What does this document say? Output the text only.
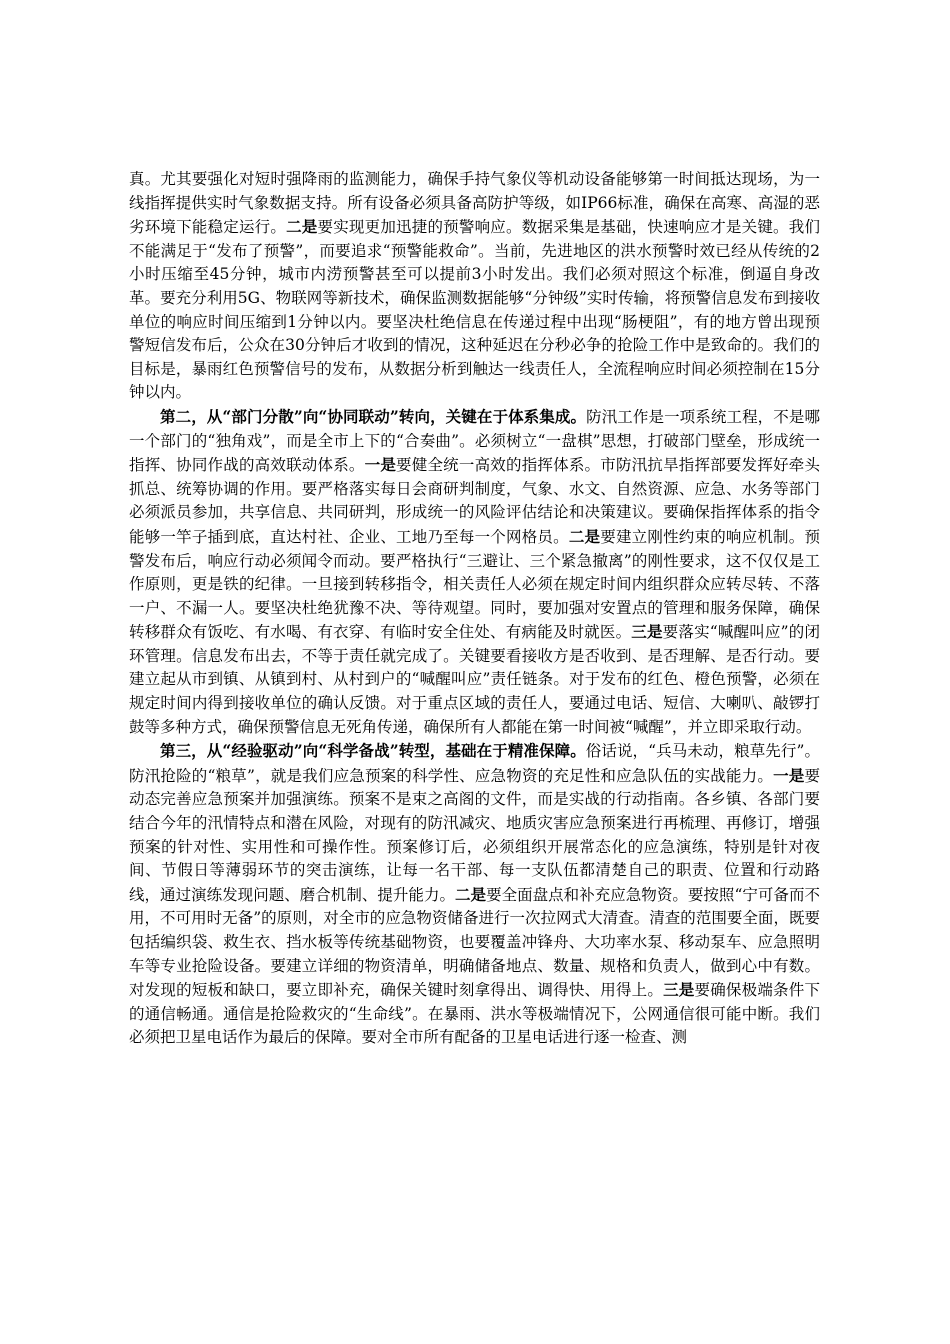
真。尤其要强化对短时强降雨的监测能力，确保手持气象仪等机动设备能够第一时间抵达现场，为一线指挥提供实时气象数据支持。所有设备必须具备高防护等级，如IP66标准，确保在高寒、高湿的恶劣环境下能稳定运行。二是要实现更加迅捷的预警响应。数据采集是基础，快速响应才是关键。我们不能满足于“发布了预警”，而要追求“预警能救命”。当前，先进地区的洪水预警时效已经从传统的2小时压缩至45分钟，城市内涝预警甚至可以提前3小时发出。我们必须对照这个标准，倒逼自身改革。要充分利用5G、物联网等新技术，确保监测数据能够“分钟级”实时传输，将预警信息发布到接收单位的响应时间压缩到1分钟以内。要坚决杜绝信息在传递过程中出现“肠梗阻”，有的地方曾出现预警短信发布后，公众在30分钟后才收到的情况，这种延迟在分秒必争的抢险工作中是致命的。我们的目标是，暴雨红色预警信号的发布，从数据分析到触达一线责任人，全流程响应时间必须控制在15分钟以内。

第二，从“部门分散”向“协同联动”转向，关键在于体系集成。防汛工作是一项系统工程，不是哪一个部门的“独角戏”，而是全市上下的“合奏曲”。必须树立“一盘棋”思想，打破部门壁垒，形成统一指挥、协同作战的高效联动体系。一是要健全统一高效的指挥体系。市防汛抗旱指挥部要发挥好牵头抓总、统筹协调的作用。要严格落实每日会商研判制度，气象、水文、自然资源、应急、水务等部门必须派员参加，共享信息、共同研判，形成统一的风险评估结论和决策建议。要确保指挥体系的指令能够一竿子插到底，直达村社、企业、工地乃至每一个网格员。二是要建立刚性约束的响应机制。预警发布后，响应行动必须闻令而动。要严格执行“三避让、三个紧急撤离”的刚性要求，这不仅仅是工作原则，更是铁的纪律。一旦接到转移指令，相关责任人必须在规定时间内组织群众应转尽转、不落一户、不漏一人。要坚决杜绝犹豫不决、等待观望。同时，要加强对安置点的管理和服务保障，确保转移群众有饭吃、有水喝、有衣穿、有临时安全住处、有病能及时就医。三是要落实“喊醒叫应”的闭环管理。信息发布出去，不等于责任就完成了。关键要看接收方是否收到、是否理解、是否行动。要建立起从市到镇、从镇到村、从村到户的“喊醒叫应”责任链条。对于发布的红色、橙色预警，必须在规定时间内得到接收单位的确认反馈。对于重点区域的责任人，要通过电话、短信、大喇叭、敲锣打鼓等多种方式，确保预警信息无死角传递，确保所有人都能在第一时间被“喊醒”，并立即采取行动。

第三，从“经验驱动”向“科学备战”转型，基础在于精准保障。俗话说，“兵马未动，粮草先行”。防汛抢险的“粮草”，就是我们应急预案的科学性、应急物资的充足性和应急队伍的实战能力。一是要动态完善应急预案并加强演练。预案不是束之高阁的文件，而是实战的行动指南。各乡镇、各部门要结合今年的汛情特点和潜在风险，对现有的防汛减灾、地质灾害应急预案进行再梳理、再修订，增强预案的针对性、实用性和可操作性。预案修订后，必须组织开展常态化的应急演练，特别是针对夜间、节假日等薄弱环节的突击演练，让每一名干部、每一支队伍都清楚自己的职责、位置和行动路线，通过演练发现问题、磨合机制、提升能力。二是要全面盘点和补充应急物资。要按照“宁可备而不用，不可用时无备”的原则，对全市的应急物资储备进行一次拉网式大清查。清查的范围要全面，既要包括编织袋、救生衣、挡水板等传统基础物资，也要覆盖冲锋舟、大功率水泵、移动泵车、应急照明车等专业抢险设备。要建立详细的物资清单，明确储备地点、数量、规格和负责人，做到心中有数。对发现的短板和缺口，要立即补充，确保关键时刻拿得出、调得快、用得上。三是要确保极端条件下的通信畅通。通信是抢险救灾的“生命线”。在暴雨、洪水等极端情况下，公网通信很可能中断。我们必须把卫星电话作为最后的保障。要对全市所有配备的卫星电话进行逐一检查、测
